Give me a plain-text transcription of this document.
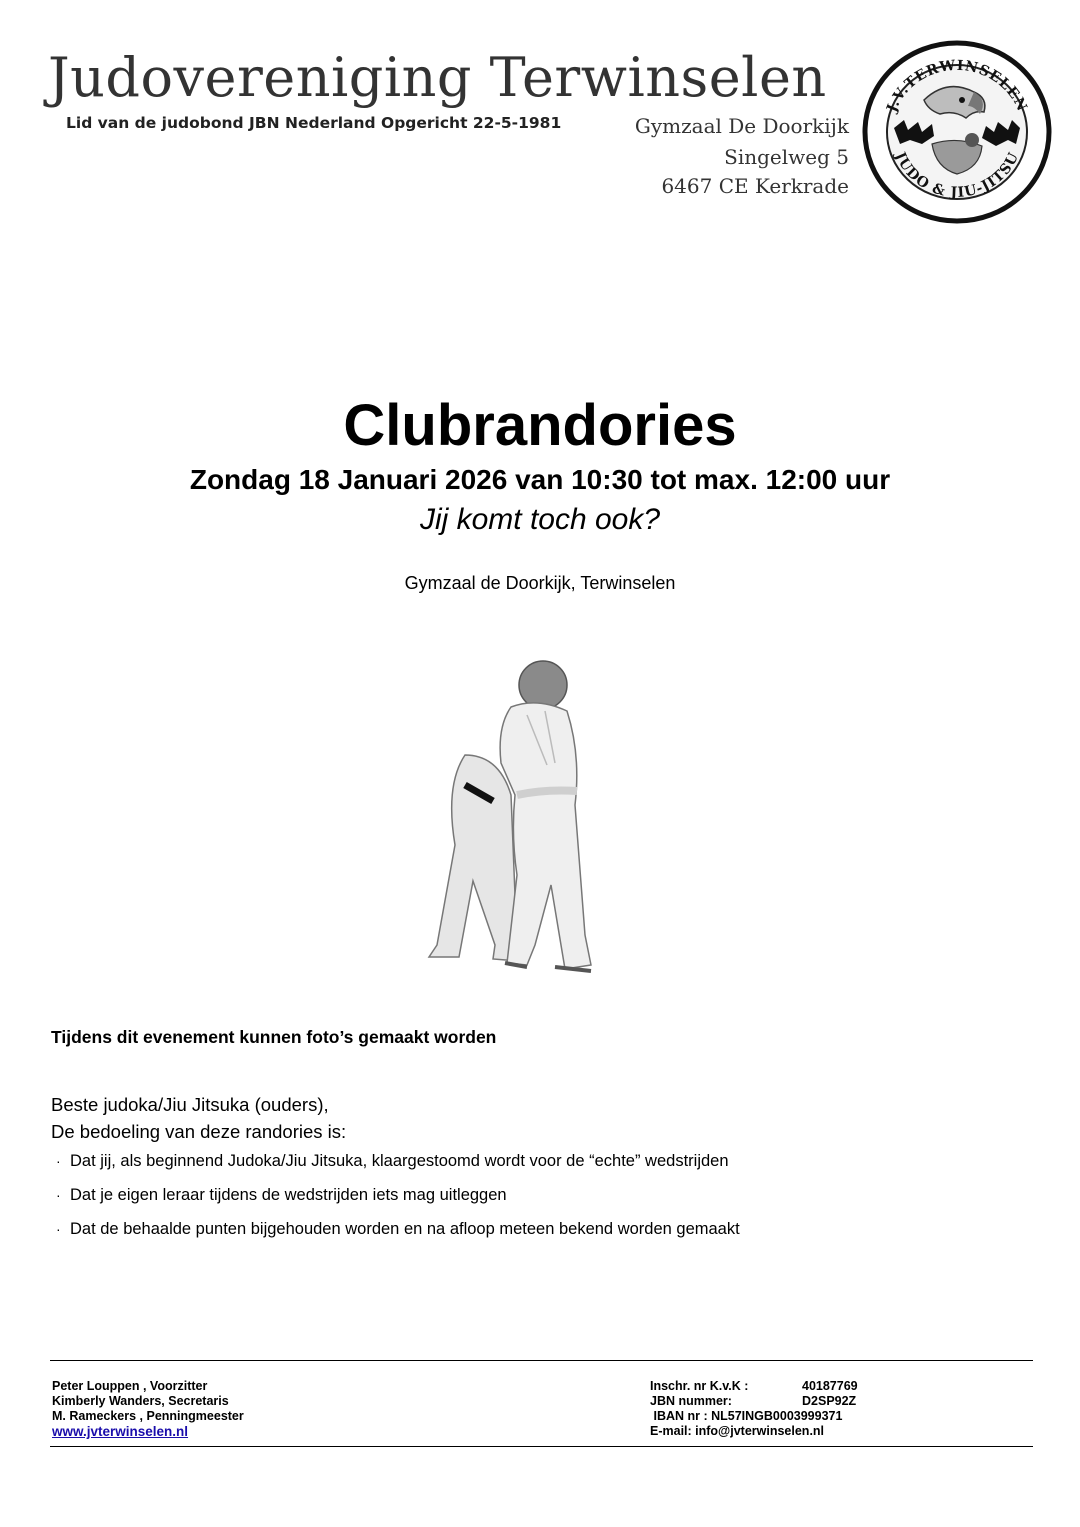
Judovereniging Terwinselen
Lid van de judobond JBN Nederland Opgericht 22-5-1981	Gymzaal De Doorkijk
Singelweg 5
6467 CE Kerkrade
J.V.TERWINSELEN
JUDO & JIU-JITSU
Clubrandories
Zondag 18 Januari 2026 van 10:30 tot max. 12:00 uur
Jij komt toch ook?
Gymzaal de Doorkijk, Terwinselen
Tijdens dit evenement kunnen foto’s gemaakt worden
Beste judoka/Jiu Jitsuka (ouders),
De bedoeling van deze randories is:
· Dat jij, als beginnend Judoka/Jiu Jitsuka, klaargestoomd wordt voor de “echte” wedstrijden
· Dat je eigen leraar tijdens de wedstrijden iets mag uitleggen
· Dat de behaalde punten bijgehouden worden en na afloop meteen bekend worden gemaakt
Peter Louppen , Voorzitter
Kimberly Wanders, Secretaris
M. Rameckers , Penningmeester
www.jvterwinselen.nl
Inschr. nr K.v.K :	40187769
JBN nummer:	D2SP92Z
IBAN nr : NL57INGB0003999371
E-mail: info@jvterwinselen.nl
